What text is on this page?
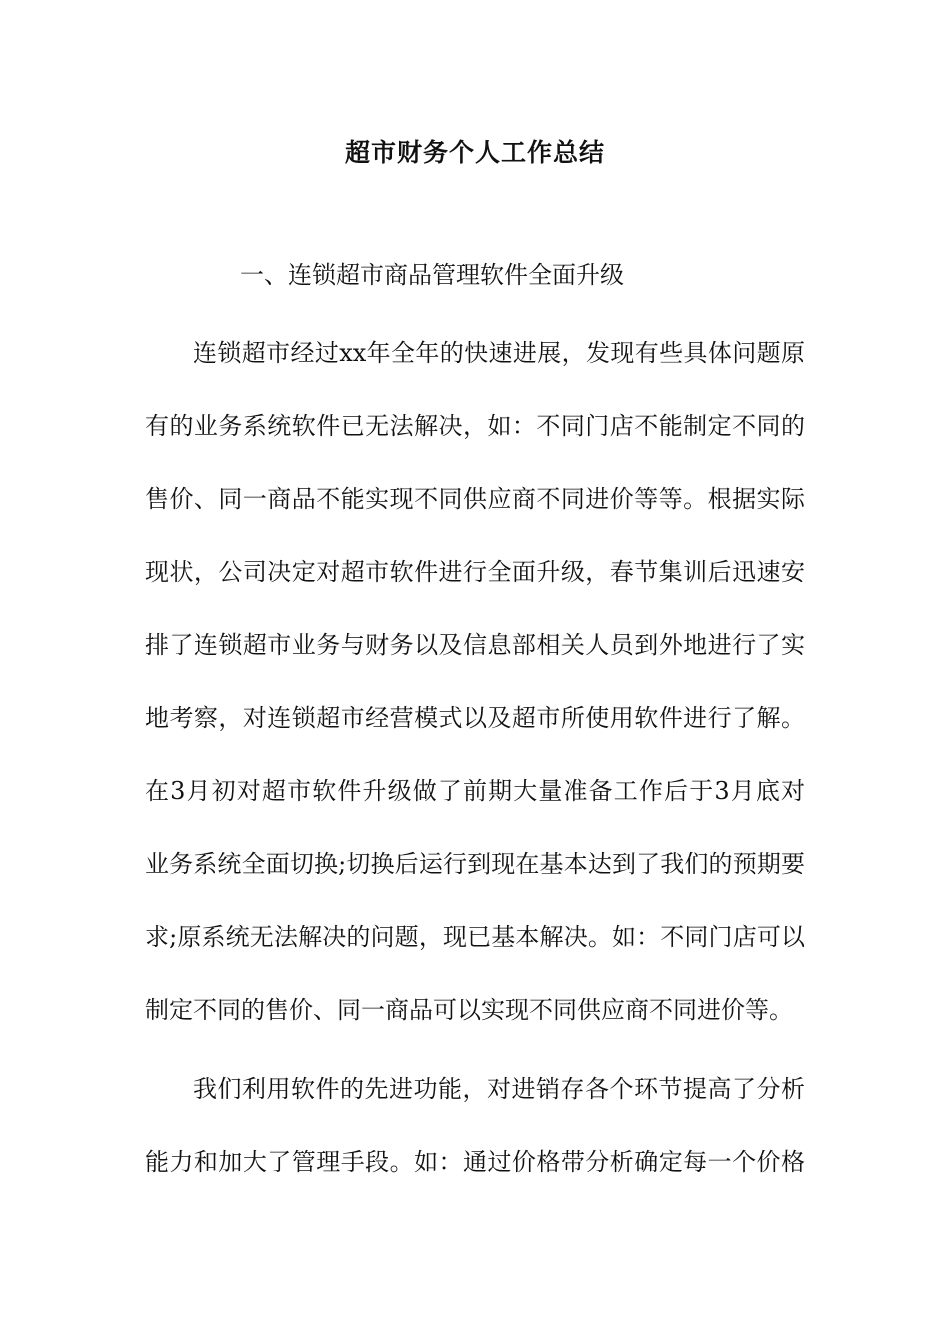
超市财务个人工作总结
一、连锁超市商品管理软件全面升级
连锁超市经过xx年全年的快速进展，发现有些具体问题原
有的业务系统软件已无法解决，如：不同门店不能制定不同的
售价、同一商品不能实现不同供应商不同进价等等。根据实际
现状，公司决定对超市软件进行全面升级，春节集训后迅速安
排了连锁超市业务与财务以及信息部相关人员到外地进行了实
地考察，对连锁超市经营模式以及超市所使用软件进行了解。
在3月初对超市软件升级做了前期大量准备工作后于3月底对
业务系统全面切换;切换后运行到现在基本达到了我们的预期要
求;原系统无法解决的问题，现已基本解决。如：不同门店可以
制定不同的售价、同一商品可以实现不同供应商不同进价等。
我们利用软件的先进功能，对进销存各个环节提高了分析
能力和加大了管理手段。如：通过价格带分析确定每一个价格
